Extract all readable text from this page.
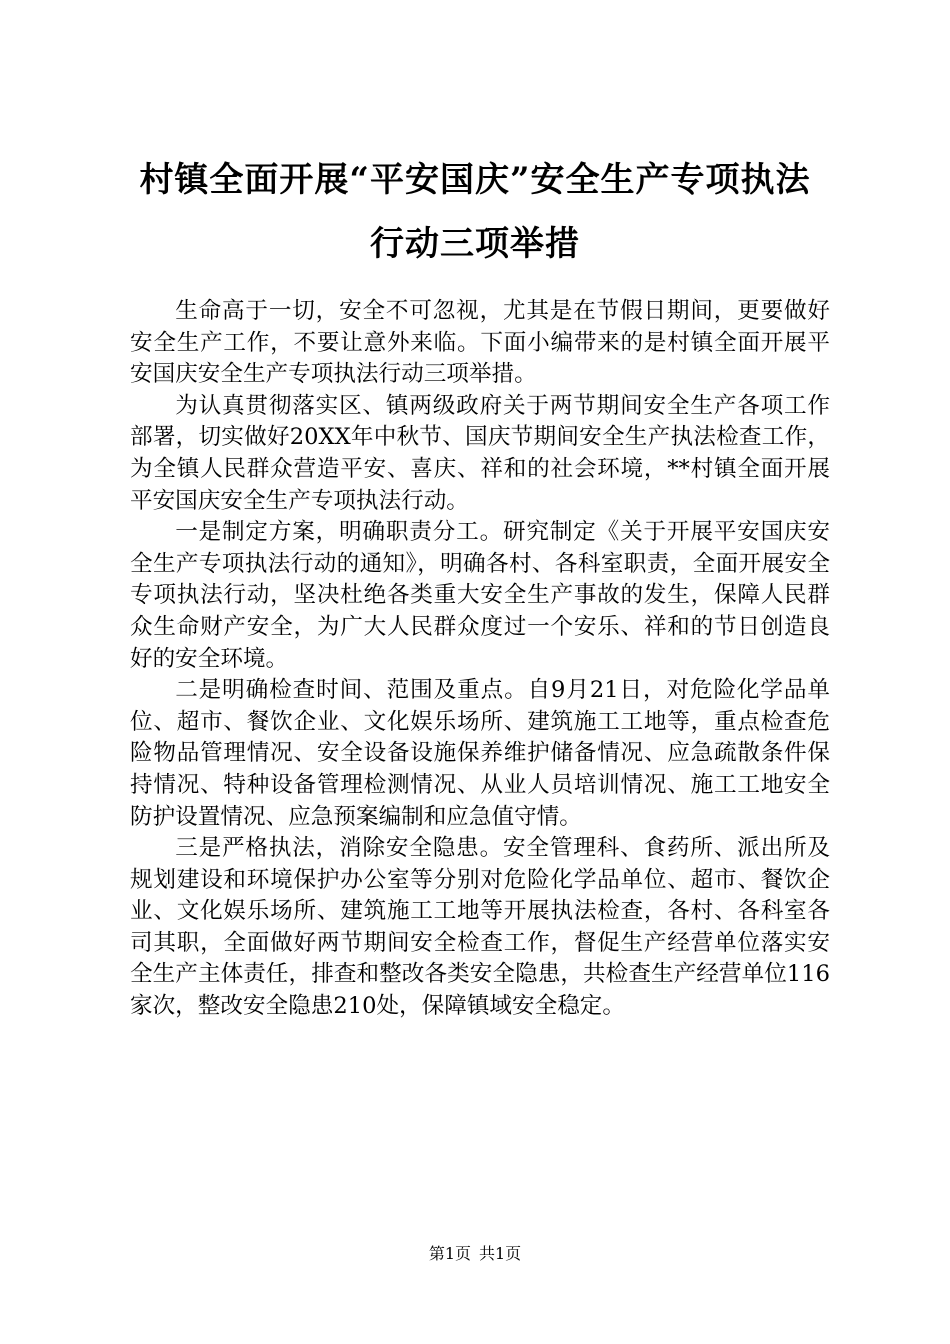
村镇全面开展“平安国庆”安全生产专项执法
行动三项举措

生命高于一切，安全不可忽视，尤其是在节假日期间，更要做好安全生产工作，不要让意外来临。下面小编带来的是村镇全面开展平安国庆安全生产专项执法行动三项举措。

为认真贯彻落实区、镇两级政府关于两节期间安全生产各项工作部署，切实做好20XX年中秋节、国庆节期间安全生产执法检查工作，为全镇人民群众营造平安、喜庆、祥和的社会环境，**村镇全面开展平安国庆安全生产专项执法行动。

一是制定方案，明确职责分工。研究制定《关于开展平安国庆安全生产专项执法行动的通知》，明确各村、各科室职责，全面开展安全专项执法行动，坚决杜绝各类重大安全生产事故的发生，保障人民群众生命财产安全，为广大人民群众度过一个安乐、祥和的节日创造良好的安全环境。

二是明确检查时间、范围及重点。自9月21日，对危险化学品单位、超市、餐饮企业、文化娱乐场所、建筑施工工地等，重点检查危险物品管理情况、安全设备设施保养维护储备情况、应急疏散条件保持情况、特种设备管理检测情况、从业人员培训情况、施工工地安全防护设置情况、应急预案编制和应急值守情。

三是严格执法，消除安全隐患。安全管理科、食药所、派出所及规划建设和环境保护办公室等分别对危险化学品单位、超市、餐饮企业、文化娱乐场所、建筑施工工地等开展执法检查，各村、各科室各司其职，全面做好两节期间安全检查工作，督促生产经营单位落实安全生产主体责任，排查和整改各类安全隐患，共检查生产经营单位116家次，整改安全隐患210处，保障镇域安全稳定。

第1页 共1页
